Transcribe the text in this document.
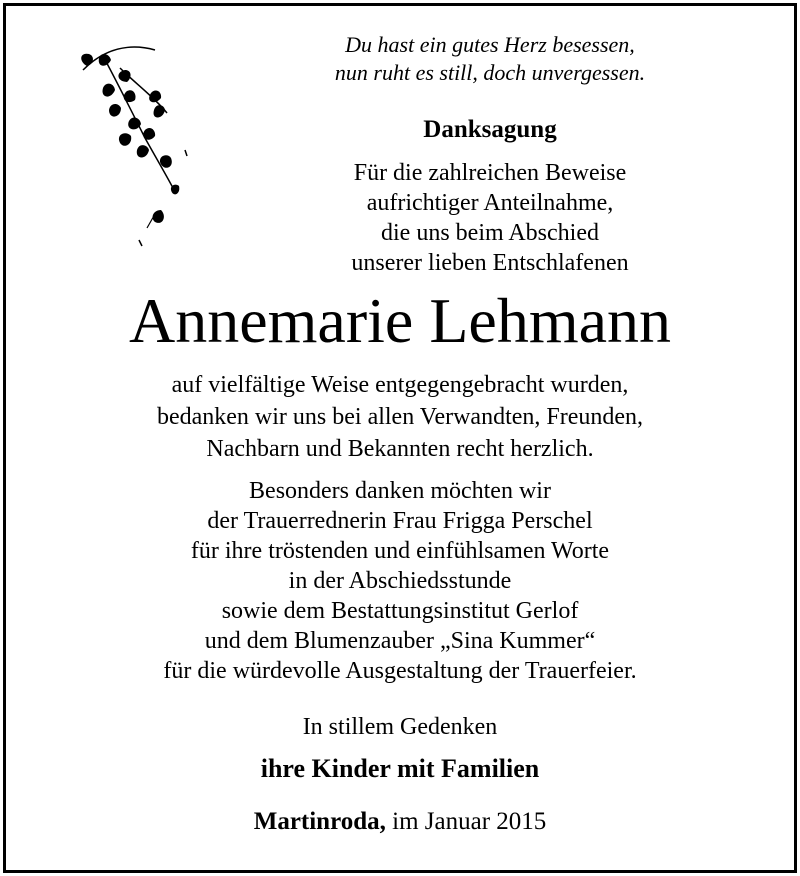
Du hast ein gutes Herz besessen,
nun ruht es still, doch unvergessen.
Danksagung
Für die zahlreichen Beweise
aufrichtiger Anteilnahme,
die uns beim Abschied
unserer lieben Entschlafenen
Annemarie Lehmann
auf vielfältige Weise entgegengebracht wurden,
bedanken wir uns bei allen Verwandten, Freunden,
Nachbarn und Bekannten recht herzlich.
Besonders danken möchten wir
der Trauerrednerin Frau Frigga Perschel
für ihre tröstenden und einfühlsamen Worte
in der Abschiedsstunde
sowie dem Bestattungsinstitut Gerlof
und dem Blumenzauber „Sina Kummer“
für die würdevolle Ausgestaltung der Trauerfeier.
In stillem Gedenken
ihre Kinder mit Familien
Martinroda, im Januar 2015
